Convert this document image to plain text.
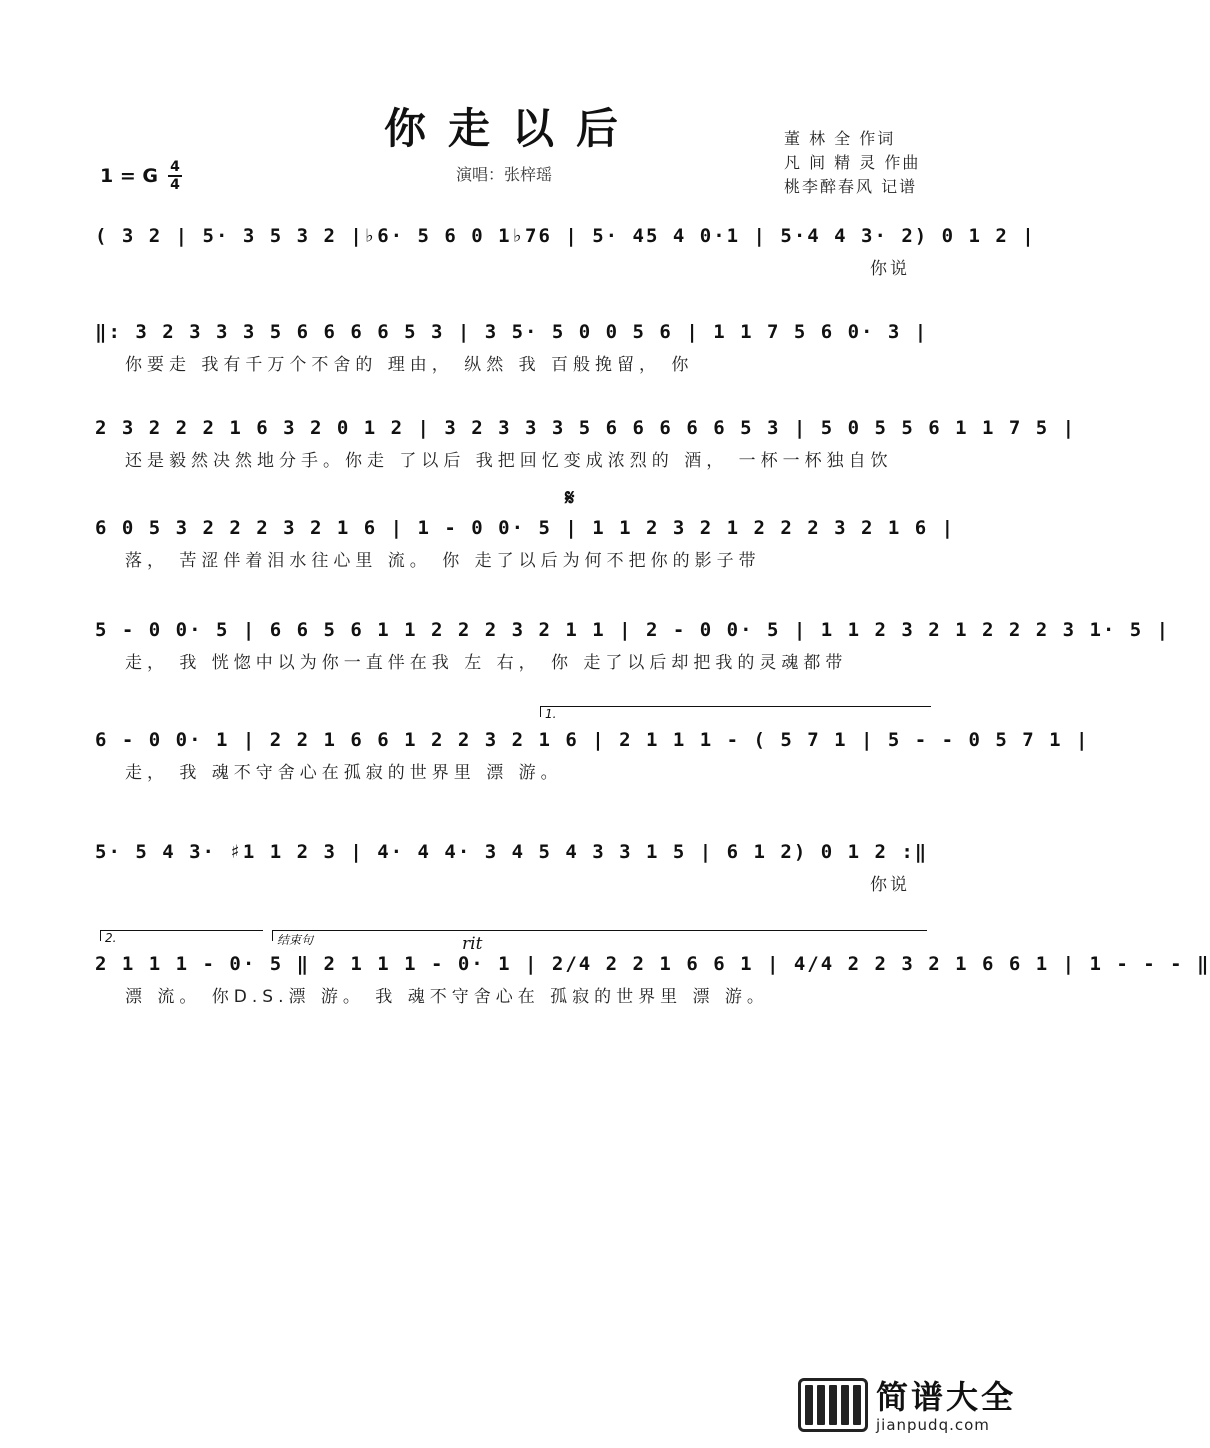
你走以后
1 = G 4
4
演唱：张梓瑶
董 林 全 作词
凡 间 精 灵 作曲
桃李醉春风 记谱
𝄋
rit
1.
2.	结束句
( 3 2 | 5· 3 5 3 2 |♭6· 5 6 0 1♭76 | 5· 45 4 0·1 | 5·4 4 3· 2) 0 1 2 |
你说
‖: 3 2 3 3 3 5 6 6 6 6 5 3 | 3 5· 5 0 0 5 6 | 1 1 7 5 6 0· 3 |
你要走 我有千万个不舍的 理由， 纵然 我 百般挽留， 你
2 3 2 2 2 1 6 3 2 0 1 2 | 3 2 3 3 3 5 6 6 6 6 6 5 3 | 5 0 5 5 6 1 1 7 5 |
还是毅然决然地分手。你走 了以后 我把回忆变成浓烈的 酒， 一杯一杯独自饮
6 0 5 3 2 2 2 3 2 1 6 | 1 - 0 0· 5 | 1 1 2 3 2 1 2 2 2 3 2 1 6 |
落， 苦涩伴着泪水往心里 流。 你 走了以后为何不把你的影子带
5 - 0 0· 5 | 6 6 5 6 1 1 2 2 2 3 2 1 1 | 2 - 0 0· 5 | 1 1 2 3 2 1 2 2 2 3 1· 5 |
走， 我 恍惚中以为你一直伴在我 左 右， 你 走了以后却把我的灵魂都带
6 - 0 0· 1 | 2 2 1 6 6 1 2 2 3 2 1 6 | 2 1 1 1 - ( 5 7 1 | 5 - - 0 5 7 1 |
走， 我 魂不守舍心在孤寂的世界里 漂 游。
5· 5 4 3· ♯1 1 2 3 | 4· 4 4· 3 4 5 4 3 3 1 5 | 6 1 2) 0 1 2 :‖
你说
2 1 1 1 - 0· 5 ‖ 2 1 1 1 - 0· 1 | 2/4 2 2 1 6 6 1 | 4/4 2 2 3 2 1 6 6 1 | 1 - - - ‖
漂 流。 你D.S.漂 游。 我 魂不守舍心在 孤寂的世界里 漂 游。
简谱大全
jianpudq.com
